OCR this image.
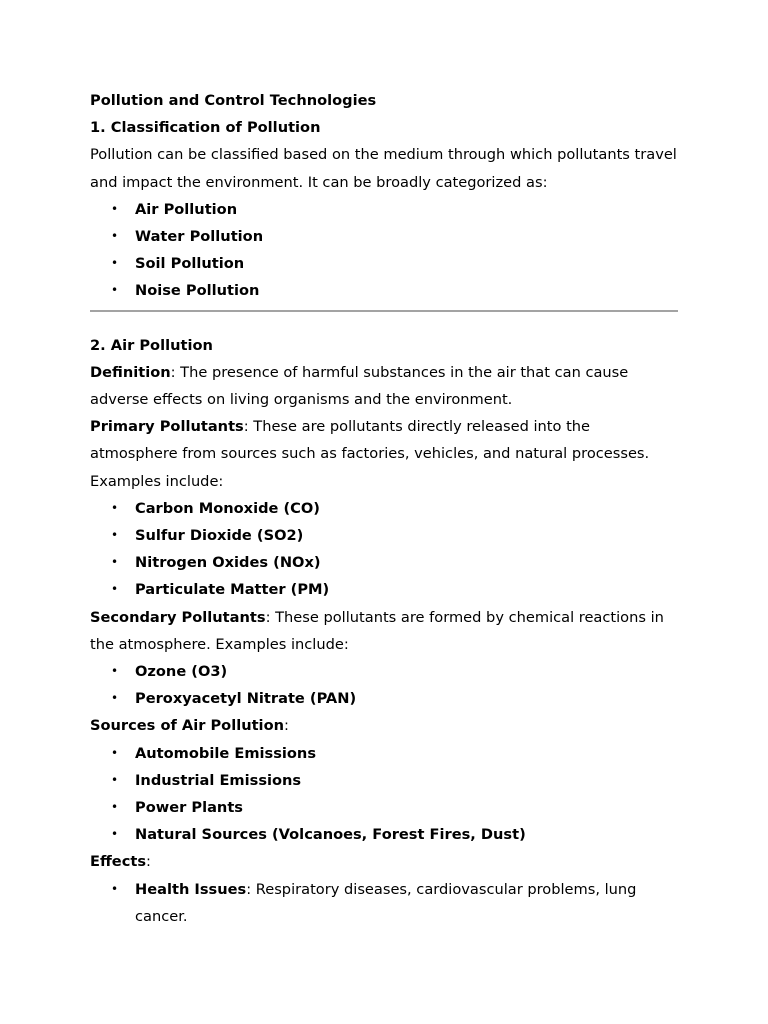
Pollution and Control Technologies

1. Classification of Pollution

Pollution can be classified based on the medium through which pollutants travel and impact the environment. It can be broadly categorized as:

• Air Pollution
• Water Pollution
• Soil Pollution
• Noise Pollution

2. Air Pollution

Definition: The presence of harmful substances in the air that can cause adverse effects on living organisms and the environment.

Primary Pollutants: These are pollutants directly released into the atmosphere from sources such as factories, vehicles, and natural processes. Examples include:

• Carbon Monoxide (CO)
• Sulfur Dioxide (SO2)
• Nitrogen Oxides (NOx)
• Particulate Matter (PM)

Secondary Pollutants: These pollutants are formed by chemical reactions in the atmosphere. Examples include:

• Ozone (O3)
• Peroxyacetyl Nitrate (PAN)

Sources of Air Pollution:

• Automobile Emissions
• Industrial Emissions
• Power Plants
• Natural Sources (Volcanoes, Forest Fires, Dust)

Effects:

• Health Issues: Respiratory diseases, cardiovascular problems, lung cancer.
